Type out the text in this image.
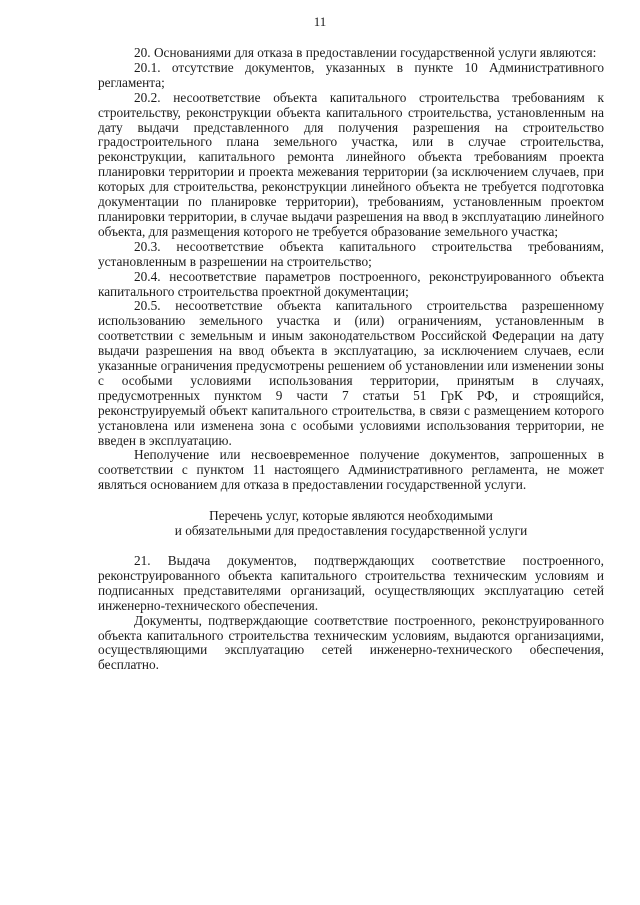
11

20. Основаниями для отказа в предоставлении государственной услуги являются:

20.1. отсутствие документов, указанных в пункте 10 Административного регламента;

20.2. несоответствие объекта капитального строительства требованиям к строительству, реконструкции объекта капитального строительства, установленным на дату выдачи представленного для получения разрешения на строительство градостроительного плана земельного участка, или в случае строительства, реконструкции, капитального ремонта линейного объекта требованиям проекта планировки территории и проекта межевания территории (за исключением случаев, при которых для строительства, реконструкции линейного объекта не требуется подготовка документации по планировке территории), требованиям, установленным проектом планировки территории, в случае выдачи разрешения на ввод в эксплуатацию линейного объекта, для размещения которого не требуется образование земельного участка;

20.3. несоответствие объекта капитального строительства требованиям, установленным в разрешении на строительство;

20.4. несоответствие параметров построенного, реконструированного объекта капитального строительства проектной документации;

20.5. несоответствие объекта капитального строительства разрешенному использованию земельного участка и (или) ограничениям, установленным в соответствии с земельным и иным законодательством Российской Федерации на дату выдачи разрешения на ввод объекта в эксплуатацию, за исключением случаев, если указанные ограничения предусмотрены решением об установлении или изменении зоны с особыми условиями использования территории, принятым в случаях, предусмотренных пунктом 9 части 7 статьи 51 ГрК РФ, и строящийся, реконструируемый объект капитального строительства, в связи с размещением которого установлена или изменена зона с особыми условиями использования территории, не введен в эксплуатацию.

Неполучение или несвоевременное получение документов, запрошенных в соответствии с пунктом 11 настоящего Административного регламента, не может являться основанием для отказа в предоставлении государственной услуги.

Перечень услуг, которые являются необходимыми
и обязательными для предоставления государственной услуги

21. Выдача документов, подтверждающих соответствие построенного, реконструированного объекта капитального строительства техническим условиям и подписанных представителями организаций, осуществляющих эксплуатацию сетей инженерно-технического обеспечения.

Документы, подтверждающие соответствие построенного, реконструированного объекта капитального строительства техническим условиям, выдаются организациями, осуществляющими эксплуатацию сетей инженерно-технического обеспечения, бесплатно.
